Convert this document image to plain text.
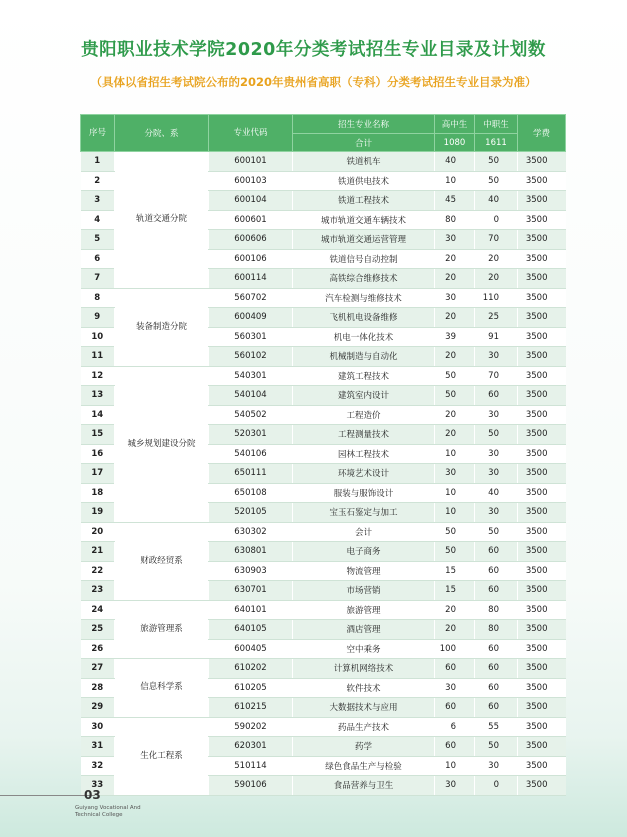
贵阳职业技术学院2020年分类考试招生专业目录及计划数
（具体以省招生考试院公布的2020年贵州省高职（专科）分类考试招生专业目录为准）
序号	分院、系	专业代码	招生专业名称	高中生	中职生	学费
			合计	1080	1611	
1	轨道交通分院	600101	铁道机车	40	50	3500
2		600103	铁道供电技术	10	50	3500
3		600104	铁道工程技术	45	40	3500
4		600601	城市轨道交通车辆技术	80	0	3500
5		600606	城市轨道交通运营管理	30	70	3500
6		600106	铁道信号自动控制	20	20	3500
7		600114	高铁综合维修技术	20	20	3500
8	装备制造分院	560702	汽车检测与维修技术	30	110	3500
9		600409	飞机机电设备维修	20	25	3500
10		560301	机电一体化技术	39	91	3500
11		560102	机械制造与自动化	20	30	3500
12	城乡规划建设分院	540301	建筑工程技术	50	70	3500
13		540104	建筑室内设计	50	60	3500
14		540502	工程造价	20	30	3500
15		520301	工程测量技术	20	50	3500
16		540106	园林工程技术	10	30	3500
17		650111	环境艺术设计	30	30	3500
18		650108	服装与服饰设计	10	40	3500
19		520105	宝玉石鉴定与加工	10	30	3500
20	财政经贸系	630302	会计	50	50	3500
21		630801	电子商务	50	60	3500
22		630903	物流管理	15	60	3500
23		630701	市场营销	15	60	3500
24	旅游管理系	640101	旅游管理	20	80	3500
25		640105	酒店管理	20	80	3500
26		600405	空中乘务	100	60	3500
27	信息科学系	610202	计算机网络技术	60	60	3500
28		610205	软件技术	30	60	3500
29		610215	大数据技术与应用	60	60	3500
30	生化工程系	590202	药品生产技术	6	55	3500
31		620301	药学	60	50	3500
32		510114	绿色食品生产与检验	10	30	3500
33		590106	食品营养与卫生	30	0	3500
03
Guiyang Vocational And
Technical College
